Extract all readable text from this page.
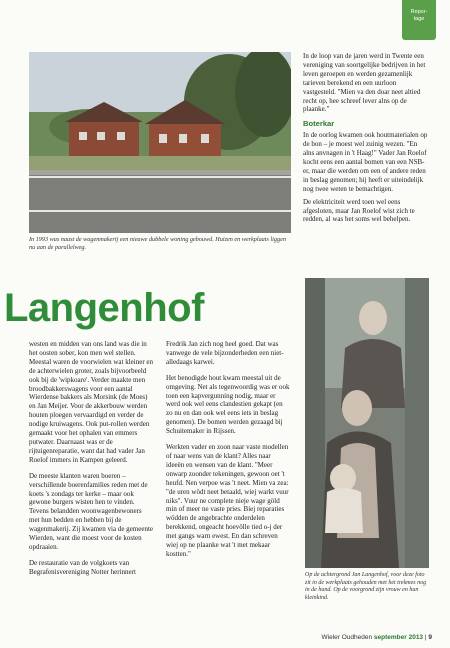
Repor-
tage
In 1993 was naast de wagenmakerij een nieuwe dubbele woning gebouwd. Huizen en werkplaats liggen nu aan de parallelweg.

In de loop van de jaren werd in Twente een vereniging van soortgelijke bedrijven in het leven geroepen en werden gezamenlijk tarieven berekend en een uurloon vastgesteld. "Mien va den doar neet altied recht op, hee schreef lever alns op de plaanke."

Boterkar

In de oorlog kwamen ook houtmaterialen op de bon – je moest wel zuinig wezen. "En alns anvnagen in 't Haag!" Vader Jan Roelof kocht eens een aantal bomen van een NSB-er, maar die werden om een of andere reden in beslag genomen; hij heeft er uiteindelijk nog twee weten te bemachtigen.

De elektriciteit werd toen wel eens afgesloten, maar Jan Roelof wist zich te redden, al was het soms wel behelpen.

Langenhof

westen en midden van ons land was die in het oosten sober, kon men wel stellen. Meestal waren de voorwielen wat kleiner en de achterwielen groter, zoals bijvoorbeeld ook bij de 'wipkoare'. Verder maakte men broodbakkerswagens voor een aantal Wierdense bakkers als Morsink (de Moes) en Jan Meijer. Voor de akkerbouw werden houten ploegen vervaardigd en verder de nodige kruiwagens. Ook put-rollen werden gemaakt voor het ophalen van emmers putwater. Daarnaast was er de rijtuigenreparatie, want dat had vader Jan Roelof immers in Kampen geleerd.

De meeste klanten waren boeren – verschillende boerenfamilies reden met de koets 's zondags ter kerke – maar ook gewone burgers wisten hen te vinden. Tevens belandden woonwagenbewoners met hun bedden en hebben bij de wagenmakerij. Zij kwamen via de gemeente Wierden, want die moest voor de kosten opdraaien.

De restauratie van de volgkoets van Begrafenisvereniging Notter herinnert

Fredrik Jan zich nog heel goed. Dat was vanwege de vele bijzonderheden een niet-alledaags karwei.

Het benodigde hout kwam meestal uit de omgeving. Net als tegenwoordig was er ook toen een kapvergunning nodig, maar er werd ook wel eens clandestien gekapt (en zo nu en dan ook wel eens iets in beslag genomen). De bomen werden gezaagd bij Schuitemaker in Rijssen.

Werkten vader en zoon naar vaste modellen of naar wens van de klant? Alles naar ideeën en wensen van de klant. "Meer onwarp zoonder tekeningen, gewoon oet 't heufd. Nen verpoe was 't neet. Mien va zea: "de uren wödt neet betaald, wiej warkt vuur niks". Vuur ne complete nieje wage göld min of meer ne vaste pries. Biej reparaties wödden de angebrachte onderdelen berekkend, ongeacht hoevölle tied o-j der met gangs warn ewest. En dan schreven wiej op ne plaanke wat 't met mekaar kostten."

Op de achtergrond Jan Langenhof, voor deze foto zit in de werkplaats gehouden met het trekmes nog in de hand. Op de voorgrond zijn vrouw en hun kleinkind.
Wieler Oudheden september 2013 | 9
